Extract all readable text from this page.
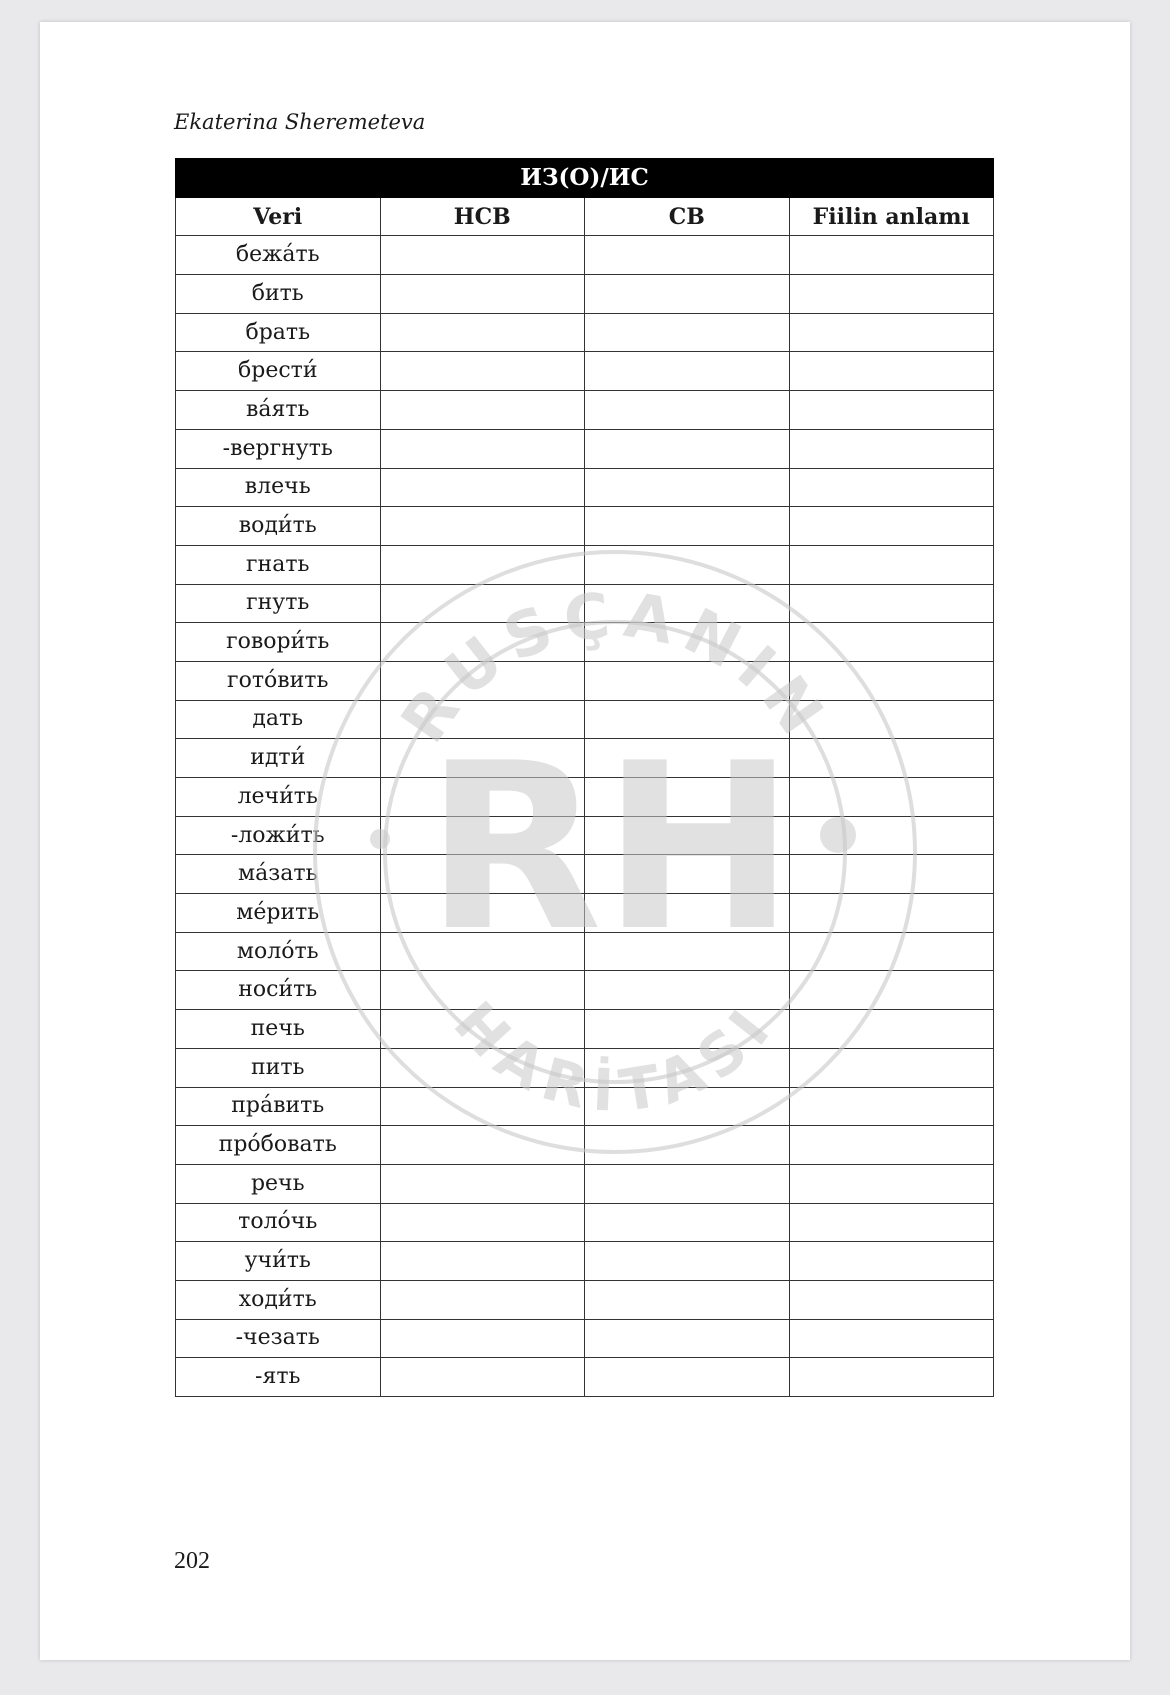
Ekaterina Sheremeteva

ИЗ(О)/ИС			
Veri	НСВ	СВ	Fiilin anlamı
бежа́ть			
бить			
брать			
брести́			
ва́ять			
-вергнуть			
влечь			
води́ть			
гнать			
гнуть			
говори́ть			
гото́вить			
дать			
идти́			
лечи́ть			
-ложи́ть			
ма́зать			
ме́рить			
моло́ть			
носи́ть			
печь			
пить			
пра́вить			
про́бовать			
речь			
толо́чь			
учи́ть			
ходи́ть			
-чезать			
-ять			
RUSÇANIN
HARİTASI
RH
202
